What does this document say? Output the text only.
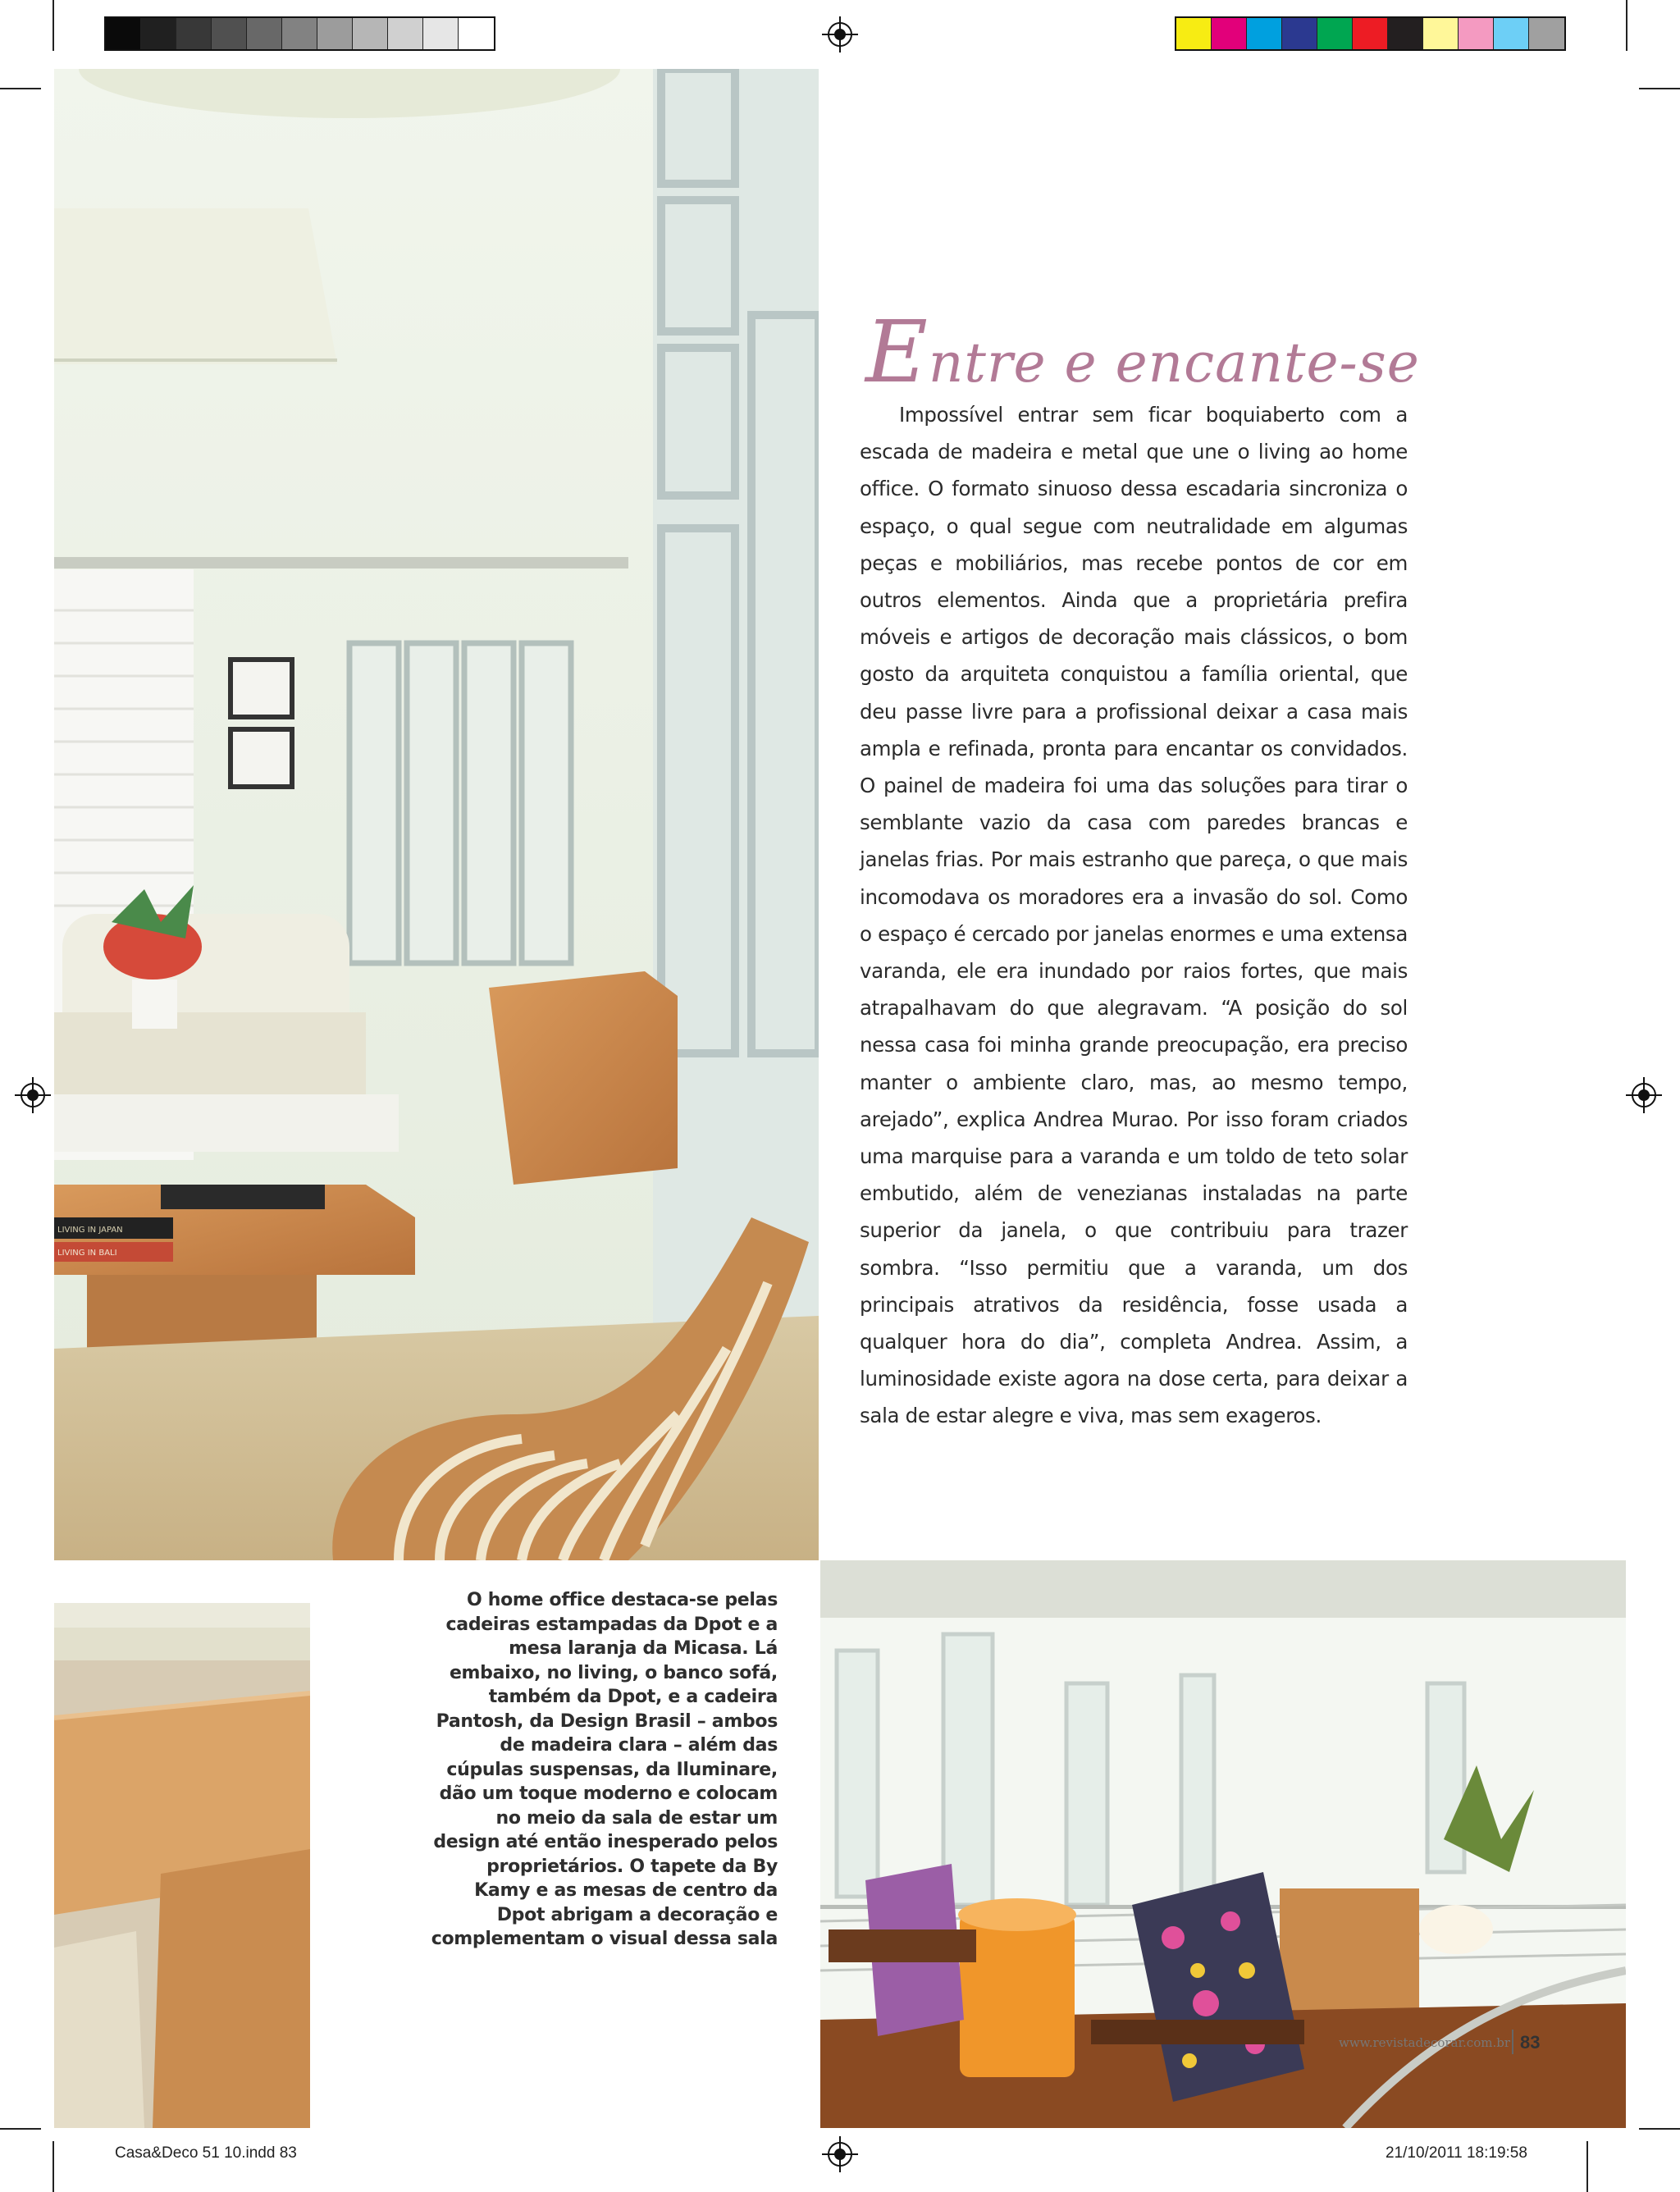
LIVING IN JAPAN
LIVING IN BALI
Entre e encante-se
Impossível entrar sem ficar boquiaberto com a escada de madeira e metal que une o living ao home office. O formato sinuoso dessa escadaria sincroniza o espaço, o qual segue com neutralidade em algumas peças e mobiliários, mas recebe pontos de cor em outros elementos. Ainda que a proprietária prefira móveis e artigos de decoração mais clássicos, o bom gosto da arquiteta conquistou a família oriental, que deu passe livre para a profissional deixar a casa mais ampla e refinada, pronta para encantar os convidados. O painel de madeira foi uma das soluções para tirar o semblante vazio da casa com paredes brancas e janelas frias. Por mais estranho que pareça, o que mais incomodava os moradores era a invasão do sol. Como o espaço é cercado por janelas enormes e uma extensa varanda, ele era inundado por raios fortes, que mais atrapalhavam do que alegravam. “A posição do sol nessa casa foi minha grande preocupação, era preciso manter o ambiente claro, mas, ao mesmo tempo, arejado”, explica Andrea Murao. Por isso foram criados uma marquise para a varanda e um toldo de teto solar embutido, além de venezianas instaladas na parte superior da janela, o que contribuiu para trazer sombra. “Isso permitiu que a varanda, um dos principais atrativos da residência, fosse usada a qualquer hora do dia”, completa Andrea. Assim, a luminosidade existe agora na dose certa, para deixar a sala de estar alegre e viva, mas sem exageros.
O home office destaca-se pelas cadeiras estampadas da Dpot e a mesa laranja da Micasa. Lá embaixo, no living, o banco sofá, também da Dpot, e a cadeira Pantosh, da Design Brasil – ambos de madeira clara – além das cúpulas suspensas, da Iluminare, dão um toque moderno e colocam no meio da sala de estar um design até então inesperado pelos proprietários. O tapete da By Kamy e as mesas de centro da Dpot abrigam a decoração e complementam o visual dessa sala
www.revistadecorar.com.br 83
Casa&Deco 51 10.indd 83	21/10/2011 18:19:58
